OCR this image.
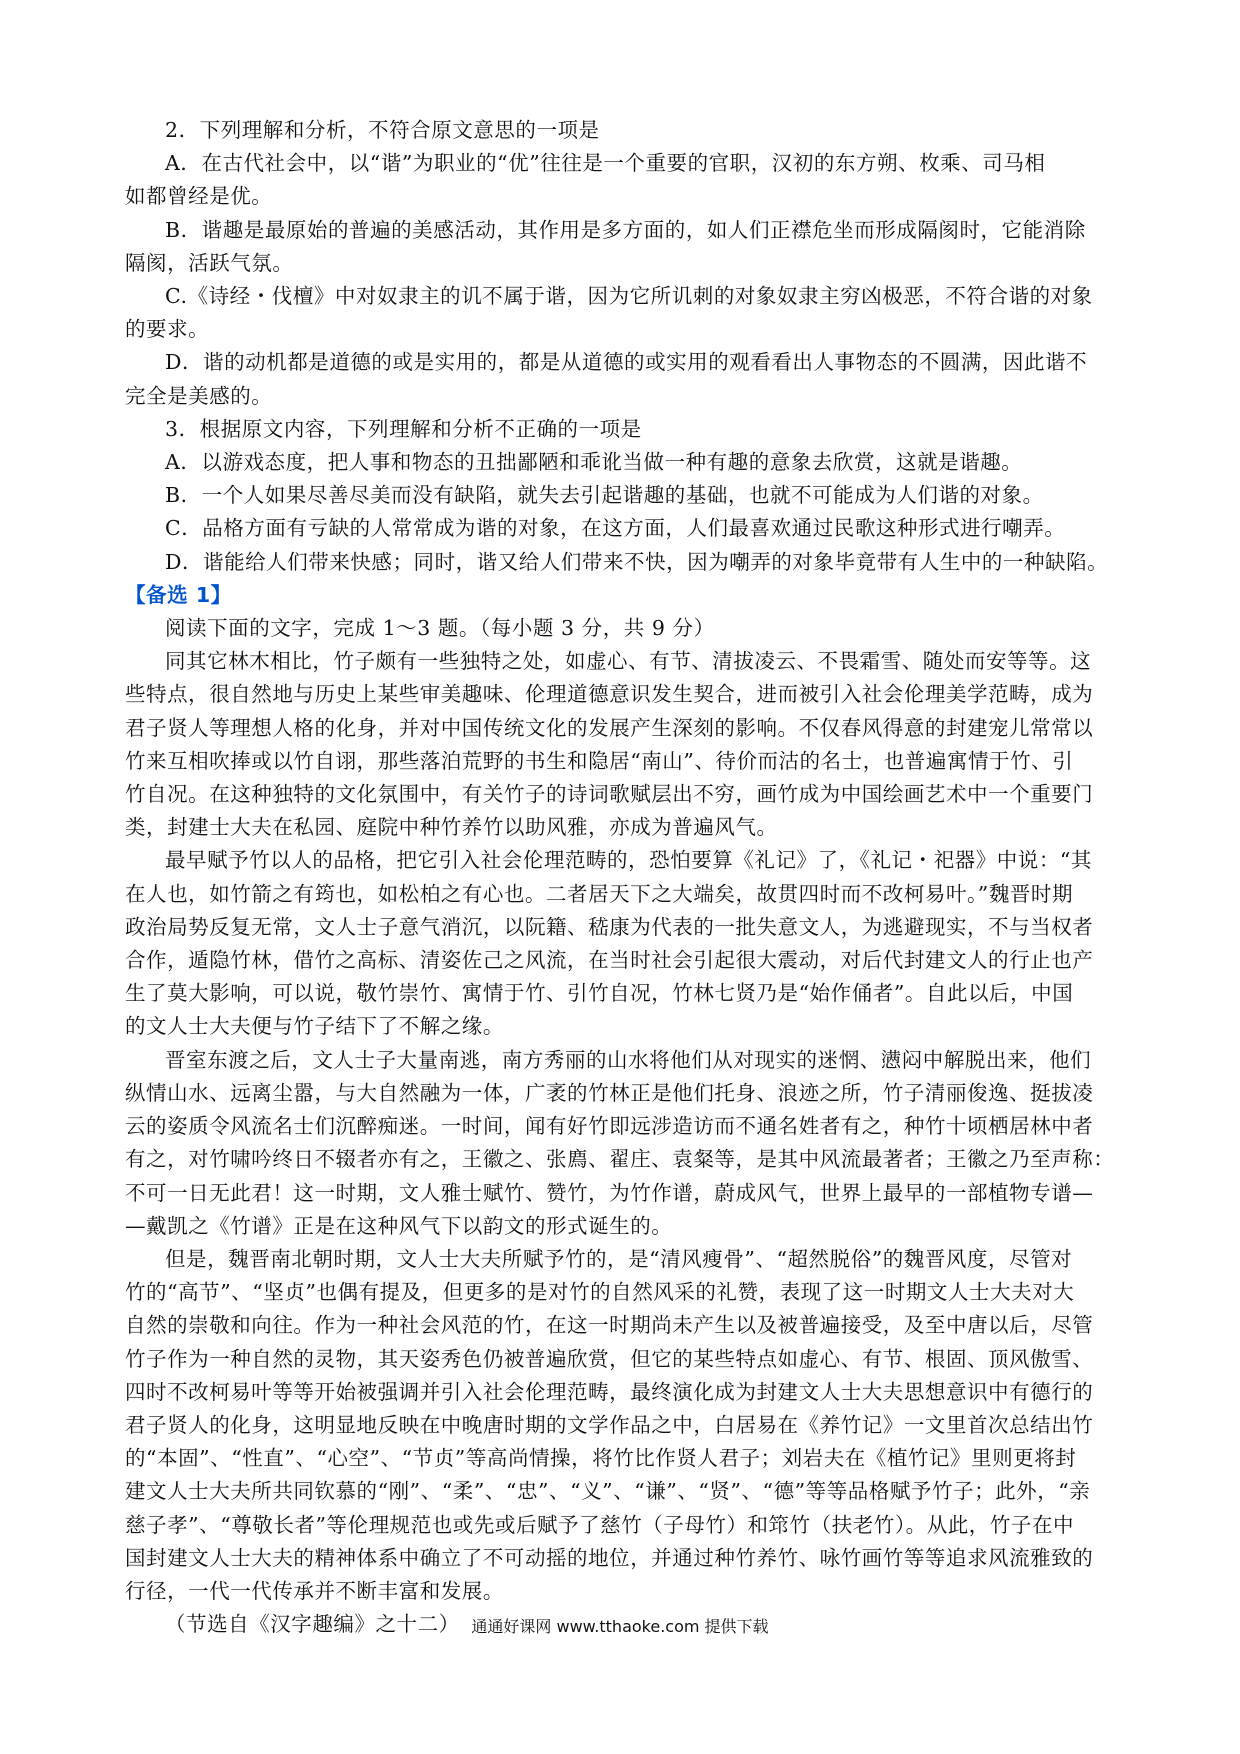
2．下列理解和分析，不符合原文意思的一项是
A．在古代社会中，以“谐”为职业的“优”往往是一个重要的官职，汉初的东方朔、枚乘、司马相
如都曾经是优。
B．谐趣是最原始的普遍的美感活动，其作用是多方面的，如人们正襟危坐而形成隔阂时，它能消除
隔阂，活跃气氛。
C.《诗经・伐檀》中对奴隶主的讥不属于谐，因为它所讥刺的对象奴隶主穷凶极恶，不符合谐的对象
的要求。
D．谐的动机都是道德的或是实用的，都是从道德的或实用的观看看出人事物态的不圆满，因此谐不
完全是美感的。
3．根据原文内容，下列理解和分析不正确的一项是
A．以游戏态度，把人事和物态的丑拙鄙陋和乖讹当做一种有趣的意象去欣赏，这就是谐趣。
B．一个人如果尽善尽美而没有缺陷，就失去引起谐趣的基础，也就不可能成为人们谐的对象。
C．品格方面有亏缺的人常常成为谐的对象，在这方面，人们最喜欢通过民歌这种形式进行嘲弄。
D．谐能给人们带来快感；同时，谐又给人们带来不快，因为嘲弄的对象毕竟带有人生中的一种缺陷。
【备选 1】
阅读下面的文字，完成 1～3 题。（每小题 3 分，共 9 分）
同其它林木相比，竹子颇有一些独特之处，如虚心、有节、清拔凌云、不畏霜雪、随处而安等等。这
些特点，很自然地与历史上某些审美趣味、伦理道德意识发生契合，进而被引入社会伦理美学范畴，成为
君子贤人等理想人格的化身，并对中国传统文化的发展产生深刻的影响。不仅春风得意的封建宠儿常常以
竹来互相吹捧或以竹自诩，那些落泊荒野的书生和隐居“南山”、待价而沽的名士，也普遍寓情于竹、引
竹自况。在这种独特的文化氛围中，有关竹子的诗词歌赋层出不穷，画竹成为中国绘画艺术中一个重要门
类，封建士大夫在私园、庭院中种竹养竹以助风雅，亦成为普遍风气。
最早赋予竹以人的品格，把它引入社会伦理范畴的，恐怕要算《礼记》了，《礼记・祀器》中说：“其
在人也，如竹箭之有筠也，如松柏之有心也。二者居天下之大端矣，故贯四时而不改柯易叶。”魏晋时期
政治局势反复无常，文人士子意气消沉，以阮籍、嵇康为代表的一批失意文人，为逃避现实，不与当权者
合作，遁隐竹林，借竹之高标、清姿佐己之风流，在当时社会引起很大震动，对后代封建文人的行止也产
生了莫大影响，可以说，敬竹崇竹、寓情于竹、引竹自况，竹林七贤乃是“始作俑者”。自此以后，中国
的文人士大夫便与竹子结下了不解之缘。
晋室东渡之后，文人士子大量南逃，南方秀丽的山水将他们从对现实的迷惘、懑闷中解脱出来，他们
纵情山水、远离尘嚣，与大自然融为一体，广袤的竹林正是他们托身、浪迹之所，竹子清丽俊逸、挺拔凌
云的姿质令风流名士们沉醉痴迷。一时间，闻有好竹即远涉造访而不通名姓者有之，种竹十顷栖居林中者
有之，对竹啸吟终日不辍者亦有之，王徽之、张廌、翟庄、袁粲等，是其中风流最著者；王徽之乃至声称：
不可一日无此君！这一时期，文人雅士赋竹、赞竹，为竹作谱，蔚成风气，世界上最早的一部植物专谱—
—戴凯之《竹谱》正是在这种风气下以韵文的形式诞生的。
但是，魏晋南北朝时期，文人士大夫所赋予竹的，是“清风瘦骨”、“超然脱俗”的魏晋风度，尽管对
竹的“高节”、“坚贞”也偶有提及，但更多的是对竹的自然风采的礼赞，表现了这一时期文人士大夫对大
自然的崇敬和向往。作为一种社会风范的竹，在这一时期尚未产生以及被普遍接受，及至中唐以后，尽管
竹子作为一种自然的灵物，其天姿秀色仍被普遍欣赏，但它的某些特点如虚心、有节、根固、顶风傲雪、
四时不改柯易叶等等开始被强调并引入社会伦理范畴，最终演化成为封建文人士大夫思想意识中有德行的
君子贤人的化身，这明显地反映在中晚唐时期的文学作品之中，白居易在《养竹记》一文里首次总结出竹
的“本固”、“性直”、“心空”、“节贞”等高尚情操，将竹比作贤人君子；刘岩夫在《植竹记》里则更将封
建文人士大夫所共同钦慕的“刚”、“柔”、“忠”、“义”、“谦”、“贤”、“德”等等品格赋予竹子；此外，“亲
慈子孝”、“尊敬长者”等伦理规范也或先或后赋予了慈竹（子母竹）和筇竹（扶老竹）。从此，竹子在中
国封建文人士大夫的精神体系中确立了不可动摇的地位，并通过种竹养竹、咏竹画竹等等追求风流雅致的
行径，一代一代传承并不断丰富和发展。
（节选自《汉字趣编》之十二） 通通好课网 www.tthaoke.com 提供下载
